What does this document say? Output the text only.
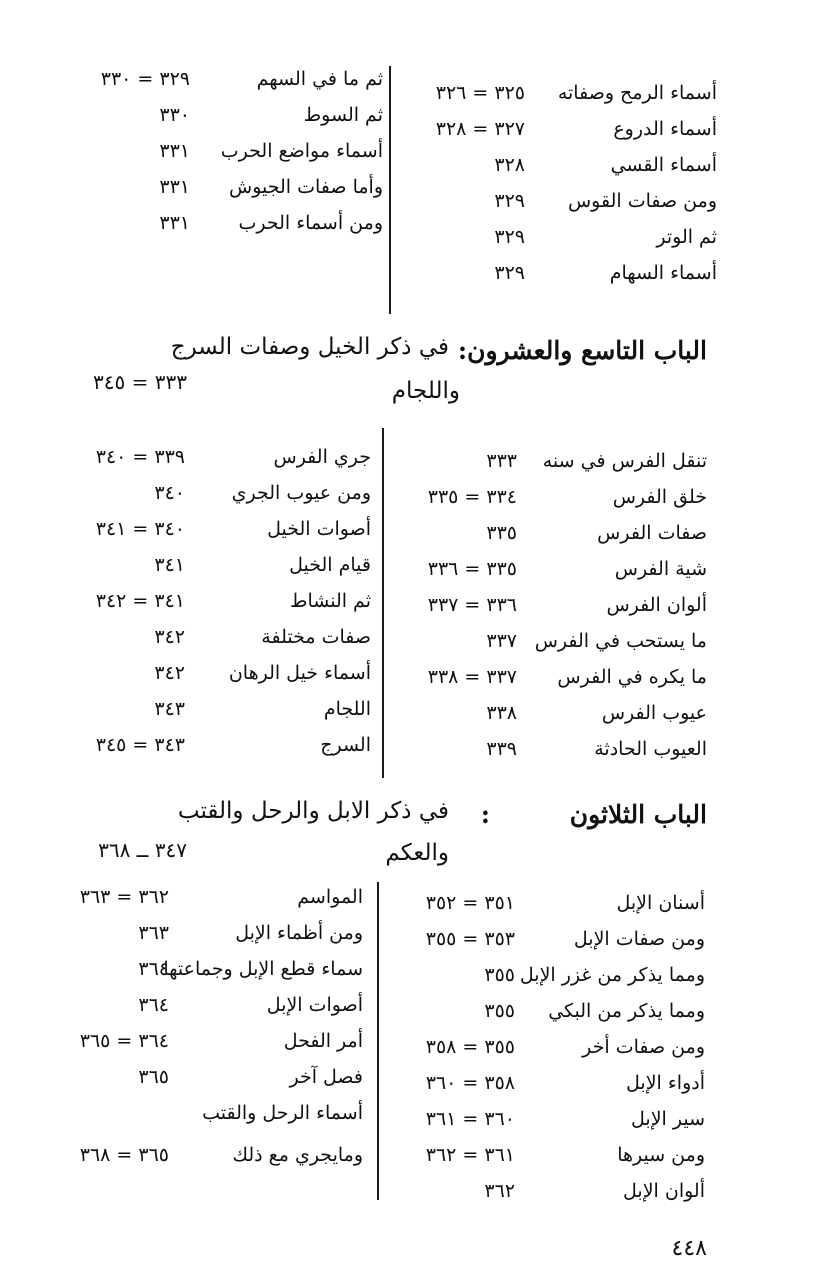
أسماء الرمح وصفاته
٣٢٥ = ٣٢٦
أسماء الدروع
٣٢٧ = ٣٢٨
أسماء القسي
٣٢٨
ومن صفات القوس
٣٢٩
ثم الوتر
٣٢٩
أسماء السهام
٣٢٩
ثم ما في السهم
٣٢٩ = ٣٣٠
ثم السوط
٣٣٠
أسماء مواضع الحرب
٣٣١
وأما صفات الجيوش
٣٣١
ومن أسماء الحرب
٣٣١
الباب التاسع والعشرون:
في ذكر الخيل وصفات السرج
واللجام
٣٣٣ = ٣٤٥
تنقل الفرس في سنه
٣٣٣
خلق الفرس
٣٣٤ = ٣٣٥
صفات الفرس
٣٣٥
شية الفرس
٣٣٥ = ٣٣٦
ألوان الفرس
٣٣٦ = ٣٣٧
ما يستحب في الفرس
٣٣٧
ما يكره في الفرس
٣٣٧ = ٣٣٨
عيوب الفرس
٣٣٨
العيوب الحادثة
٣٣٩
جري الفرس
٣٣٩ = ٣٤٠
ومن عيوب الجري
٣٤٠
أصوات الخيل
٣٤٠ = ٣٤١
قيام الخيل
٣٤١
ثم النشاط
٣٤١ = ٣٤٢
صفات مختلفة
٣٤٢
أسماء خيل الرهان
٣٤٢
اللجام
٣٤٣
السرج
٣٤٣ = ٣٤٥
الباب الثلاثون
:
في ذكر الابل والرحل والقتب
والعكم
٣٤٧ ــ ٣٦٨
أسنان الإبل
٣٥١ = ٣٥٢
ومن صفات الإبل
٣٥٣ = ٣٥٥
ومما يذكر من غزر الإبل
٣٥٥
ومما يذكر من البكي
٣٥٥
ومن صفات أخر
٣٥٥ = ٣٥٨
أدواء الإبل
٣٥٨ = ٣٦٠
سير الإبل
٣٦٠ = ٣٦١
ومن سيرها
٣٦١ = ٣٦٢
ألوان الإبل
٣٦٢
المواسم
٣٦٢ = ٣٦٣
ومن أظماء الإبل
٣٦٣
سماء قطع الإبل وجماعتها
٣٦٤
أصوات الإبل
٣٦٤
أمر الفحل
٣٦٤ = ٣٦٥
فصل آخر
٣٦٥
أسماء الرحل والقتب
ومايجري مع ذلك
٣٦٥ = ٣٦٨
٤٤٨
